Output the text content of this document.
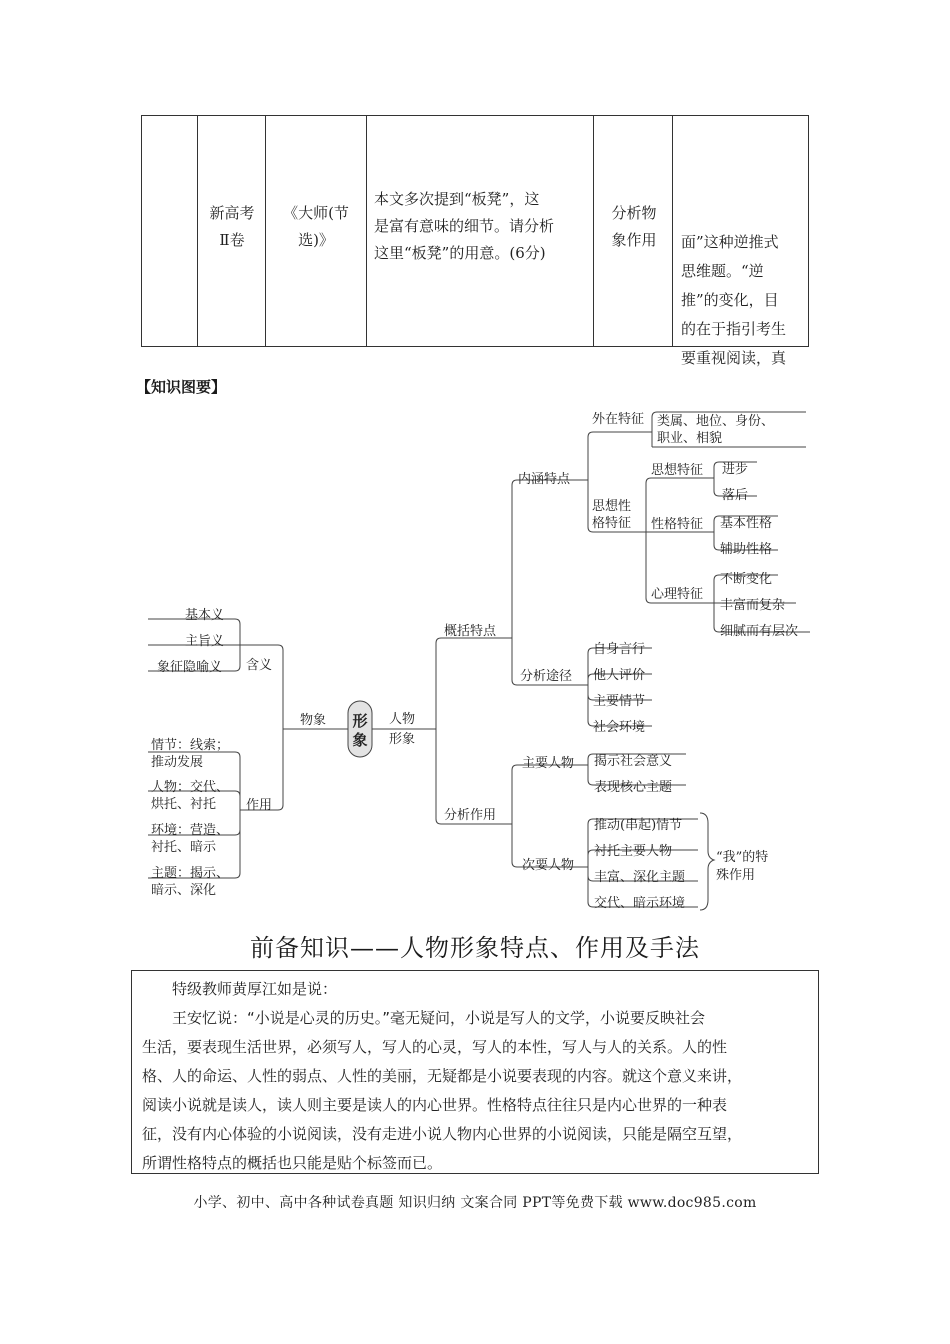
新高考
Ⅱ卷
《大师(节
选)》
本文多次提到“板凳”，这
是富有意味的细节。请分析
这里“板凳”的用意。(6分)
分析物
象作用	面”这种逆推式
思维题。“逆
推”的变化，目
的在于指引考生
要重视阅读，真
【知识图要】
形
象
物象	人物
形象
含义
基本义
主旨义
象征隐喻义
作用
情节：线索；
推动发展
人物：交代、
烘托、衬托
环境：营造、
衬托、暗示
主题：揭示、
暗示、深化
概括特点
内涵特点
外在特征 类属、地位、身份、
职业、相貌
思想性
格特征
思想特征 进步
落后
性格特征 基本性格
辅助性格
心理特征
不断变化
丰富而复杂
细腻而有层次
分析途径
自身言行
他人评价
主要情节
社会环境
分析作用
主要人物 揭示社会意义
表现核心主题
次要人物
推动(串起)情节
衬托主要人物
丰富、深化主题
交代、暗示环境
“我”的特
殊作用
前备知识——人物形象特点、作用及手法
特级教师黄厚江如是说：
王安忆说：“小说是心灵的历史。”毫无疑问，小说是写人的文学，小说要反映社会
生活，要表现生活世界，必须写人，写人的心灵，写人的本性，写人与人的关系。人的性
格、人的命运、人性的弱点、人性的美丽，无疑都是小说要表现的内容。就这个意义来讲，
阅读小说就是读人，读人则主要是读人的内心世界。性格特点往往只是内心世界的一种表
征，没有内心体验的小说阅读，没有走进小说人物内心世界的小说阅读，只能是隔空互望，
所谓性格特点的概括也只能是贴个标签而已。
小学、初中、高中各种试卷真题 知识归纳 文案合同 PPT等免费下载 www.doc985.com
